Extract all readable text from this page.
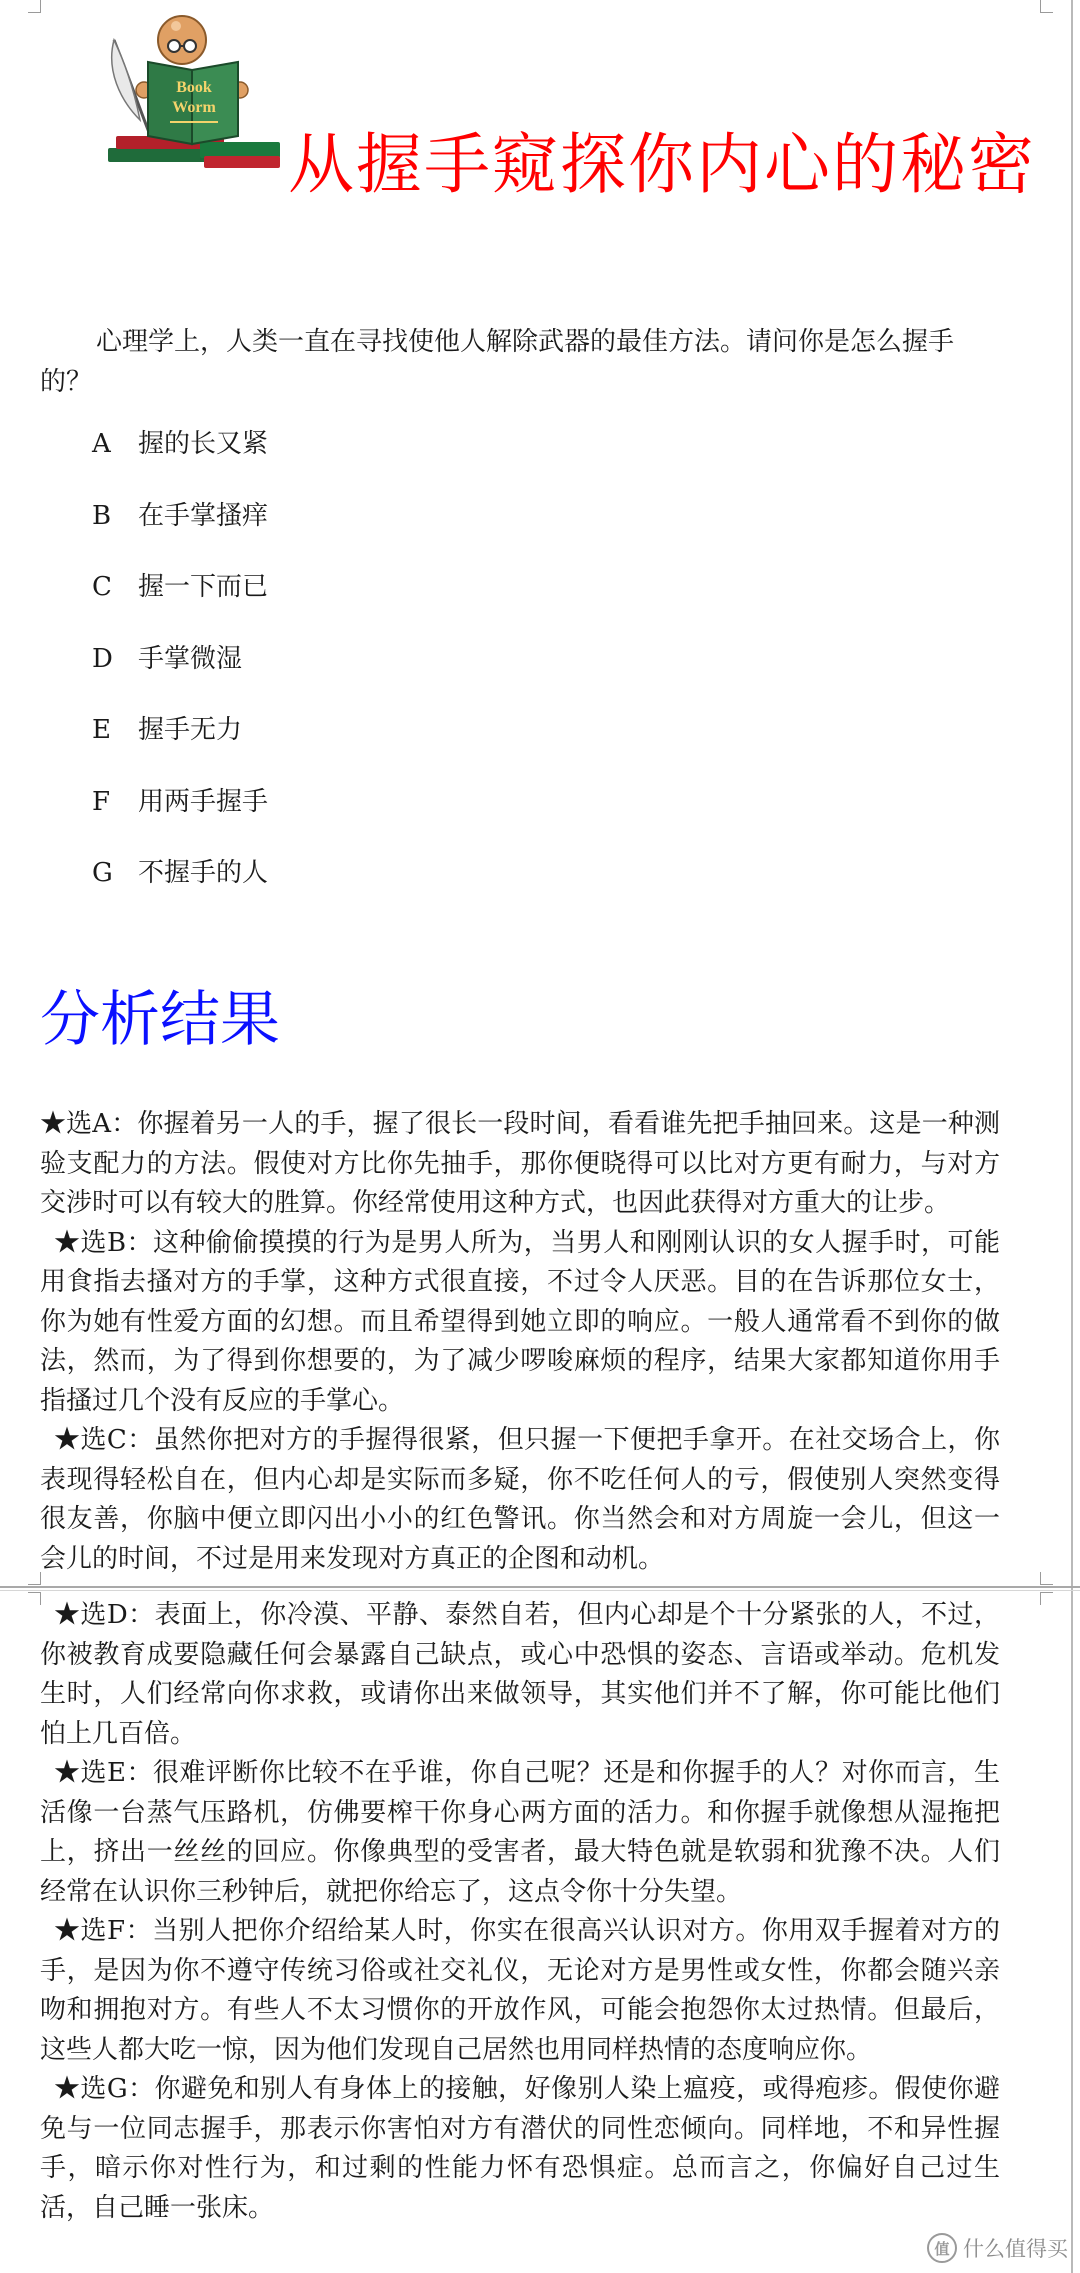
Book
Worm
从握手窥探你内心的秘密

心理学上，人类一直在寻找使他人解除武器的最佳方法。请问你是怎么握手的？

A	握的长又紧
B	在手掌搔痒
C	握一下而已
D 手掌微湿
E	握手无力
F	用两手握手
G 不握手的人
分析结果

★选A：你握着另一人的手，握了很长一段时间，看看谁先把手抽回来。这是一种测验支配力的方法。假使对方比你先抽手，那你便晓得可以比对方更有耐力，与对方交涉时可以有较大的胜算。你经常使用这种方式，也因此获得对方重大的让步。

★选B：这种偷偷摸摸的行为是男人所为，当男人和刚刚认识的女人握手时，可能用食指去搔对方的手掌，这种方式很直接，不过令人厌恶。目的在告诉那位女士，你为她有性爱方面的幻想。而且希望得到她立即的响应。一般人通常看不到你的做法，然而，为了得到你想要的，为了减少啰唆麻烦的程序，结果大家都知道你用手指搔过几个没有反应的手掌心。

★选C：虽然你把对方的手握得很紧，但只握一下便把手拿开。在社交场合上，你表现得轻松自在，但内心却是实际而多疑，你不吃任何人的亏，假使别人突然变得很友善，你脑中便立即闪出小小的红色警讯。你当然会和对方周旋一会儿，但这一会儿的时间，不过是用来发现对方真正的企图和动机。

★选D：表面上，你冷漠、平静、泰然自若，但内心却是个十分紧张的人，不过，你被教育成要隐藏任何会暴露自己缺点，或心中恐惧的姿态、言语或举动。危机发生时，人们经常向你求救，或请你出来做领导，其实他们并不了解，你可能比他们怕上几百倍。

★选E：很难评断你比较不在乎谁，你自己呢？还是和你握手的人？对你而言，生活像一台蒸气压路机，仿佛要榨干你身心两方面的活力。和你握手就像想从湿拖把上，挤出一丝丝的回应。你像典型的受害者，最大特色就是软弱和犹豫不决。人们经常在认识你三秒钟后，就把你给忘了，这点令你十分失望。

★选F：当别人把你介绍给某人时，你实在很高兴认识对方。你用双手握着对方的手，是因为你不遵守传统习俗或社交礼仪，无论对方是男性或女性，你都会随兴亲吻和拥抱对方。有些人不太习惯你的开放作风，可能会抱怨你太过热情。但最后，这些人都大吃一惊，因为他们发现自己居然也用同样热情的态度响应你。

★选G：你避免和别人有身体上的接触，好像别人染上瘟疫，或得疱疹。假使你避免与一位同志握手，那表示你害怕对方有潜伏的同性恋倾向。同样地，不和异性握手，暗示你对性行为，和过剩的性能力怀有恐惧症。总而言之，你偏好自己过生活，自己睡一张床。

值 什么值得买
